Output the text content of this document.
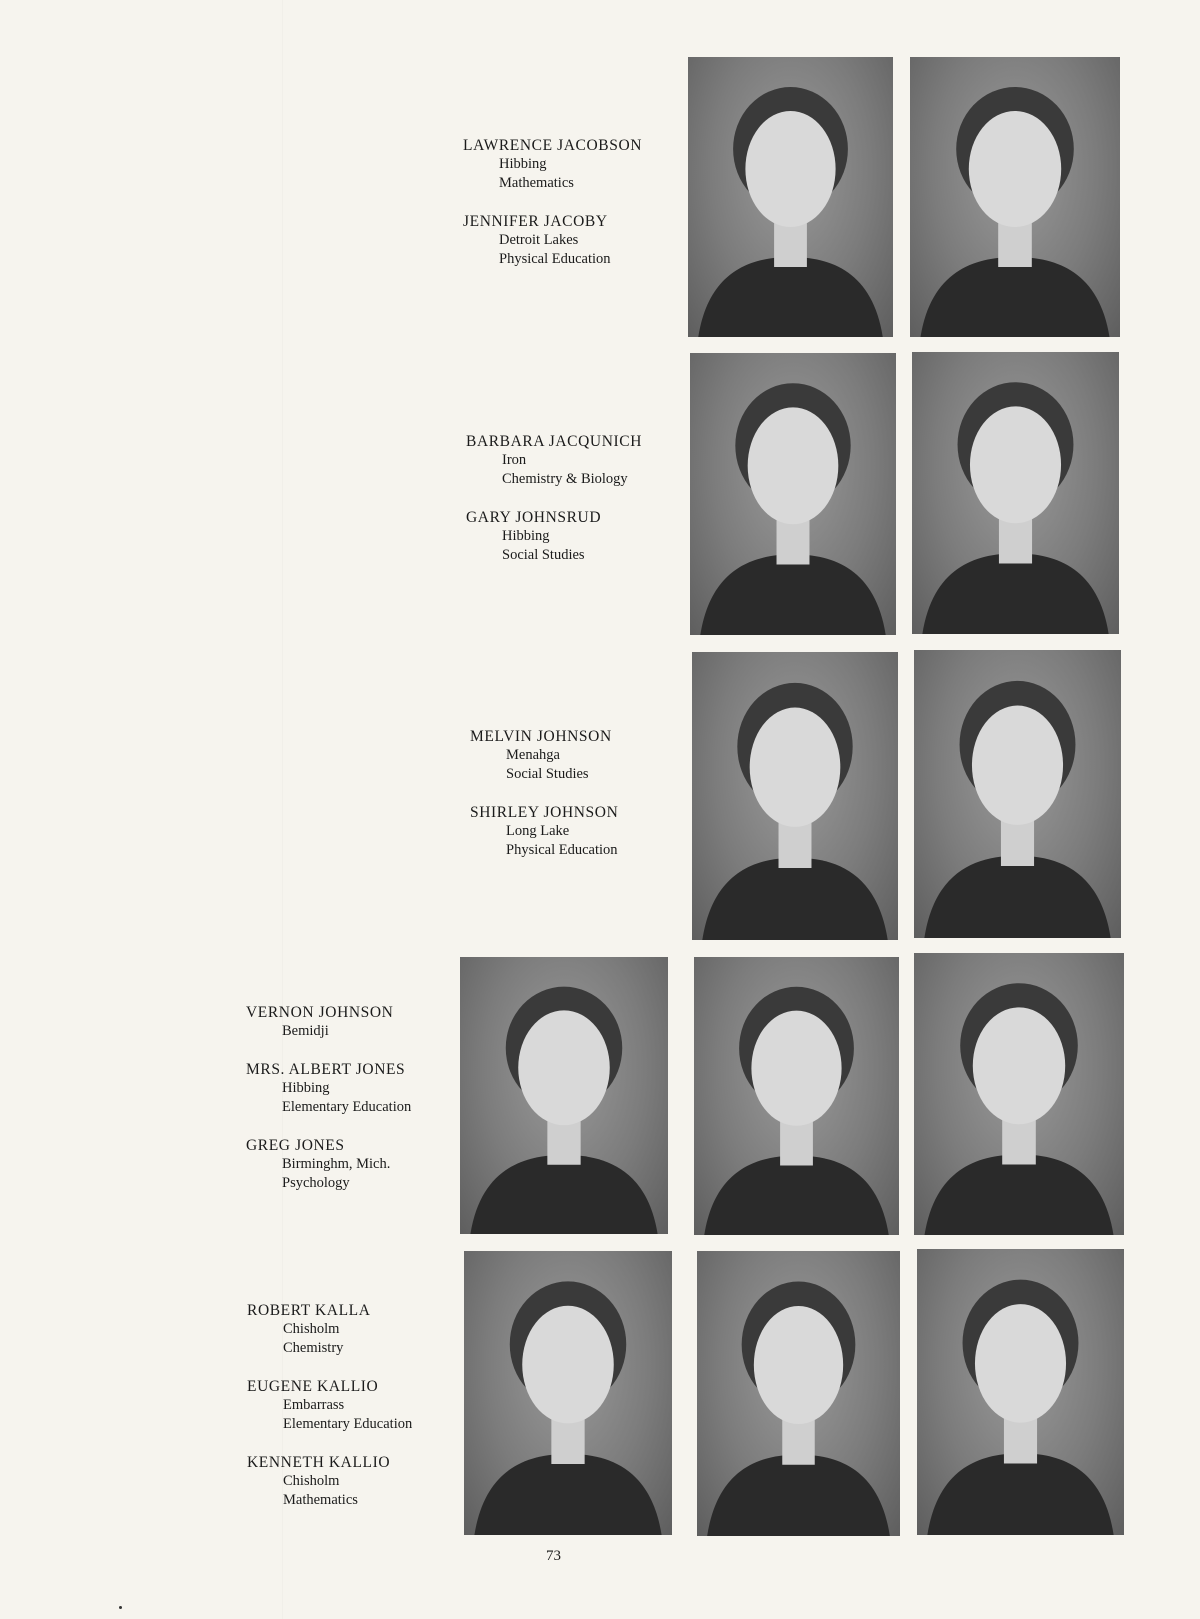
LAWRENCE JACOBSON
Hibbing
Mathematics
JENNIFER JACOBY
Detroit Lakes
Physical Education
BARBARA JACQUNICH
Iron
Chemistry & Biology
GARY JOHNSRUD
Hibbing
Social Studies
MELVIN JOHNSON
Menahga
Social Studies
SHIRLEY JOHNSON
Long Lake
Physical Education
VERNON JOHNSON
Bemidji
MRS. ALBERT JONES
Hibbing
Elementary Education
GREG JONES
Birminghm, Mich.
Psychology
ROBERT KALLA
Chisholm
Chemistry
EUGENE KALLIO
Embarrass
Elementary Education
KENNETH KALLIO
Chisholm
Mathematics
73
